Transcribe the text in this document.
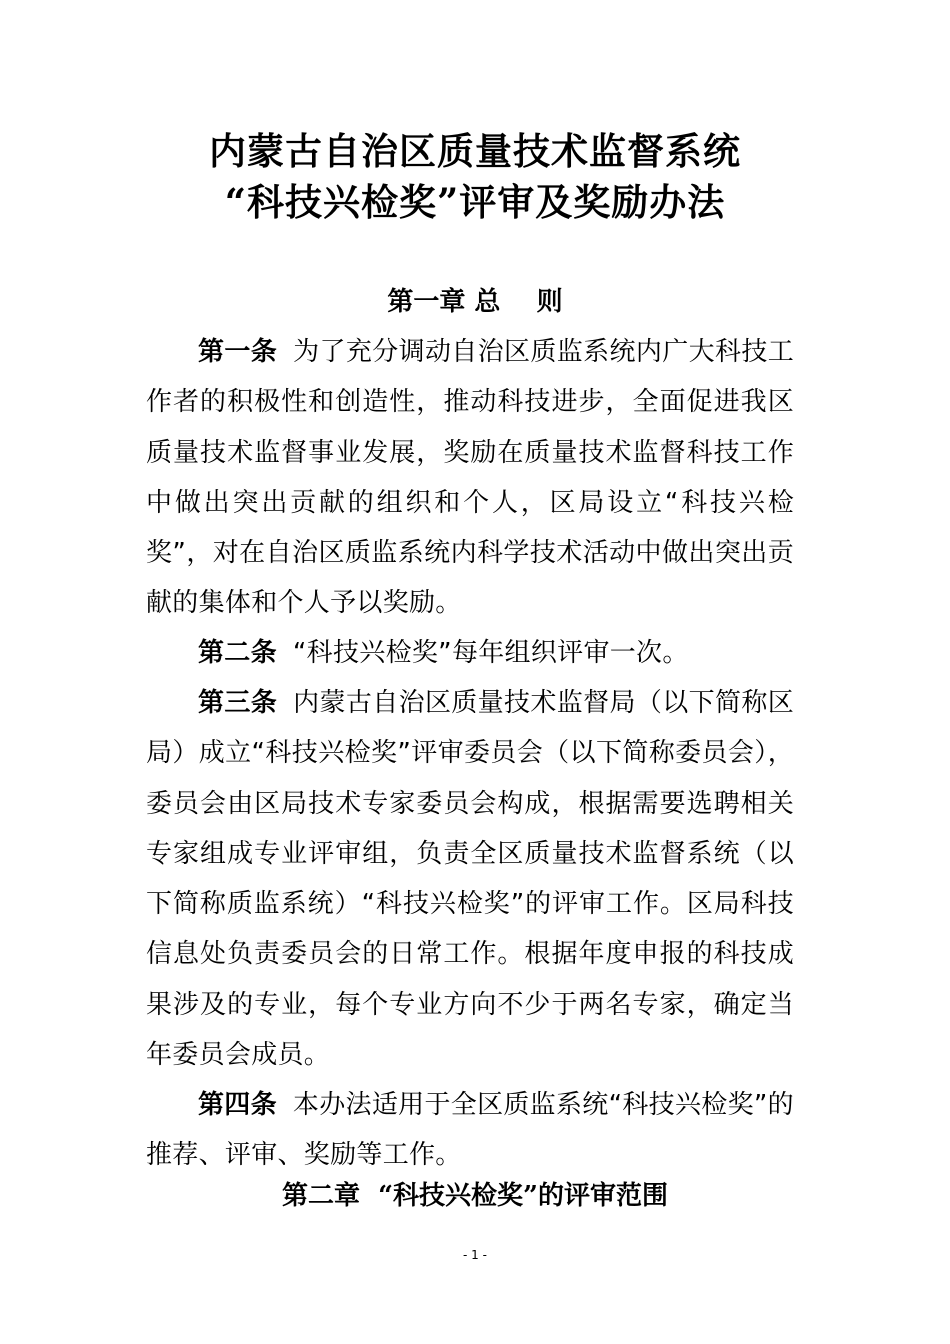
内蒙古自治区质量技术监督系统
“科技兴检奖”评审及奖励办法
第一章 总    则
第一条 为了充分调动自治区质监系统内广大科技工作者的积极性和创造性，推动科技进步，全面促进我区质量技术监督事业发展，奖励在质量技术监督科技工作中做出突出贡献的组织和个人，区局设立“科技兴检奖”，对在自治区质监系统内科学技术活动中做出突出贡献的集体和个人予以奖励。
第二条 “科技兴检奖”每年组织评审一次。
第三条 内蒙古自治区质量技术监督局（以下简称区局）成立“科技兴检奖”评审委员会（以下简称委员会），委员会由区局技术专家委员会构成，根据需要选聘相关专家组成专业评审组，负责全区质量技术监督系统（以下简称质监系统）“科技兴检奖”的评审工作。区局科技信息处负责委员会的日常工作。根据年度申报的科技成果涉及的专业，每个专业方向不少于两名专家，确定当年委员会成员。
第四条 本办法适用于全区质监系统“科技兴检奖”的推荐、评审、奖励等工作。
第二章  “科技兴检奖”的评审范围
- 1 -
